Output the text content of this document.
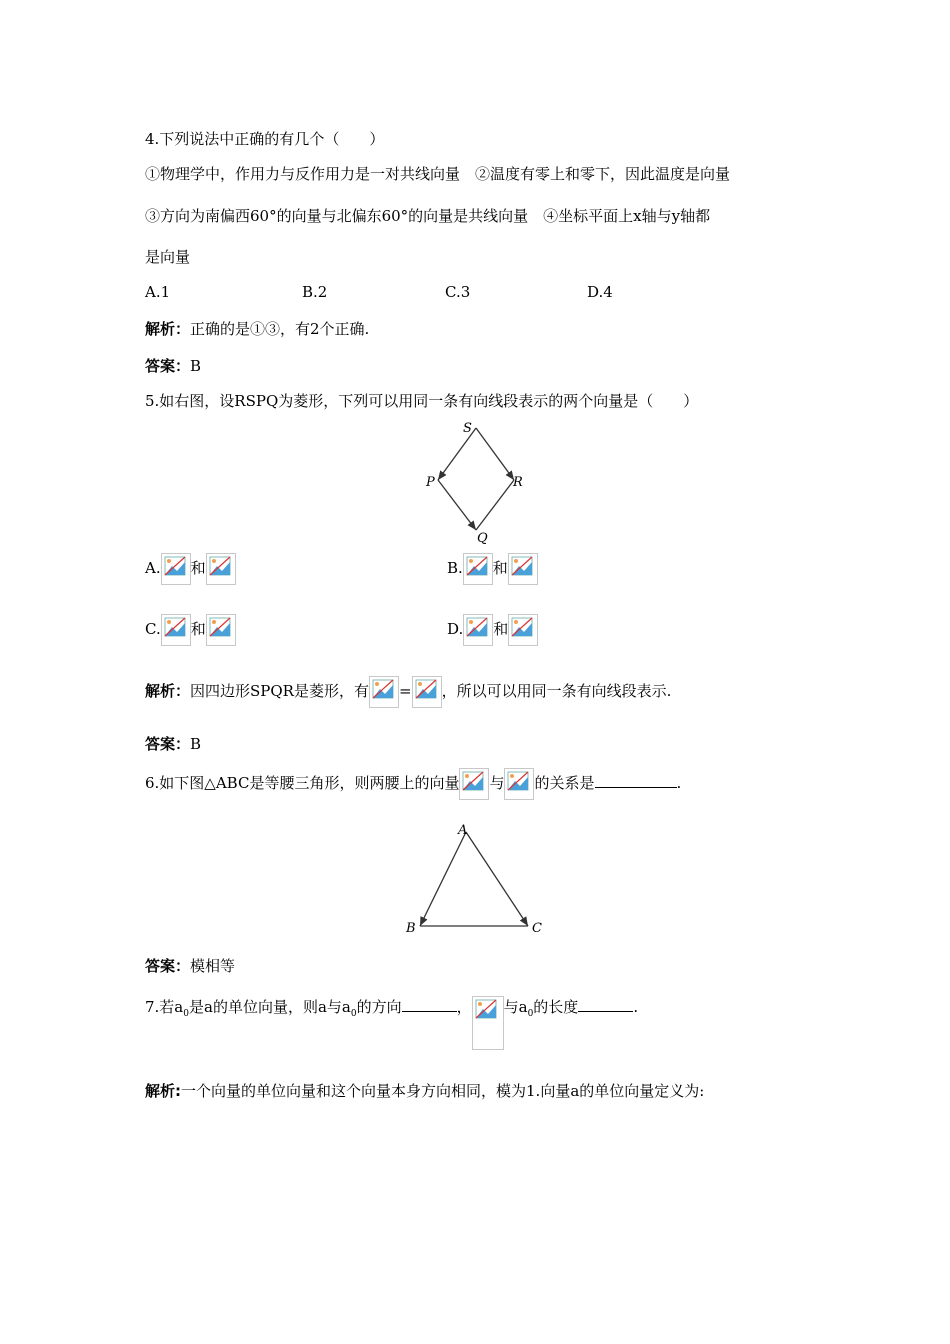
4.下列说法中正确的有几个（　　）
①物理学中，作用力与反作用力是一对共线向量　②温度有零上和零下，因此温度是向量
③方向为南偏西60°的向量与北偏东60°的向量是共线向量　④坐标平面上x轴与y轴都
是向量
A.1	B.2	C.3	D.4
解析：正确的是①③，有2个正确.
答案：B
5.如右图，设RSPQ为菱形，下列可以用同一条有向线段表示的两个向量是（　　）
S
P	R
Q
A. 和	B. 和
C. 和	D. 和
解析：因四边形SPQR是菱形，有 = ，所以可以用同一条有向线段表示.
答案：B
6.如下图△ABC是等腰三角形，则两腰上的向量 与 的关系是	.
A
B	C
答案：模相等
7.若$a_0$是a的单位向量，则a与$a_0$的方向	， 与$a_0$的长度	.
解析:一个向量的单位向量和这个向量本身方向相同，模为1.向量a的单位向量定义为:
